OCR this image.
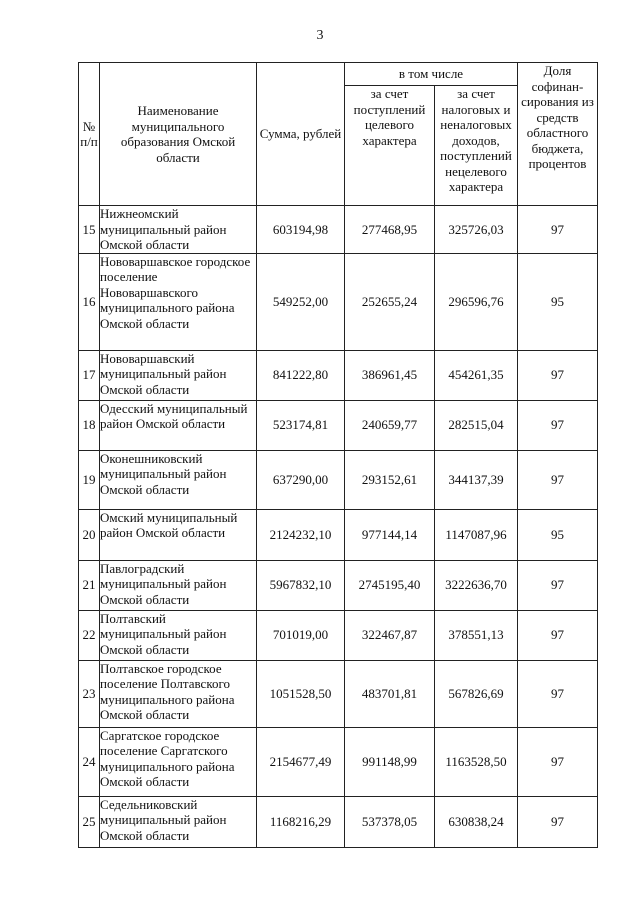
3
№ п/п	Наименование муниципального образования Омской области	Сумма, рублей	в том числе		Доля софинан-сирования из средств областного бюджета, процентов
			за счет поступлений целевого характера	за счет налоговых и неналоговых доходов, поступлений нецелевого характера	
15	Нижнеомский муниципальный район Омской области	603194,98	277468,95	325726,03	97
16	Нововаршавское городское поселение Нововаршавского муниципального района Омской области	549252,00	252655,24	296596,76	95
17	Нововаршавский муниципальный район Омской области	841222,80	386961,45	454261,35	97
18	Одесский муниципальный район Омской области	523174,81	240659,77	282515,04	97
19	Оконешниковский муниципальный район Омской области	637290,00	293152,61	344137,39	97
20	Омский муниципальный район Омской области	2124232,10	977144,14	1147087,96	95
21	Павлоградский муниципальный район Омской области	5967832,10	2745195,40	3222636,70	97
22	Полтавский муниципальный район Омской области	701019,00	322467,87	378551,13	97
23	Полтавское городское поселение Полтавского муниципального района Омской области	1051528,50	483701,81	567826,69	97
24	Саргатское городское поселение Саргатского муниципального района Омской области	2154677,49	991148,99	1163528,50	97
25	Седельниковский муниципальный район Омской области	1168216,29	537378,05	630838,24	97
